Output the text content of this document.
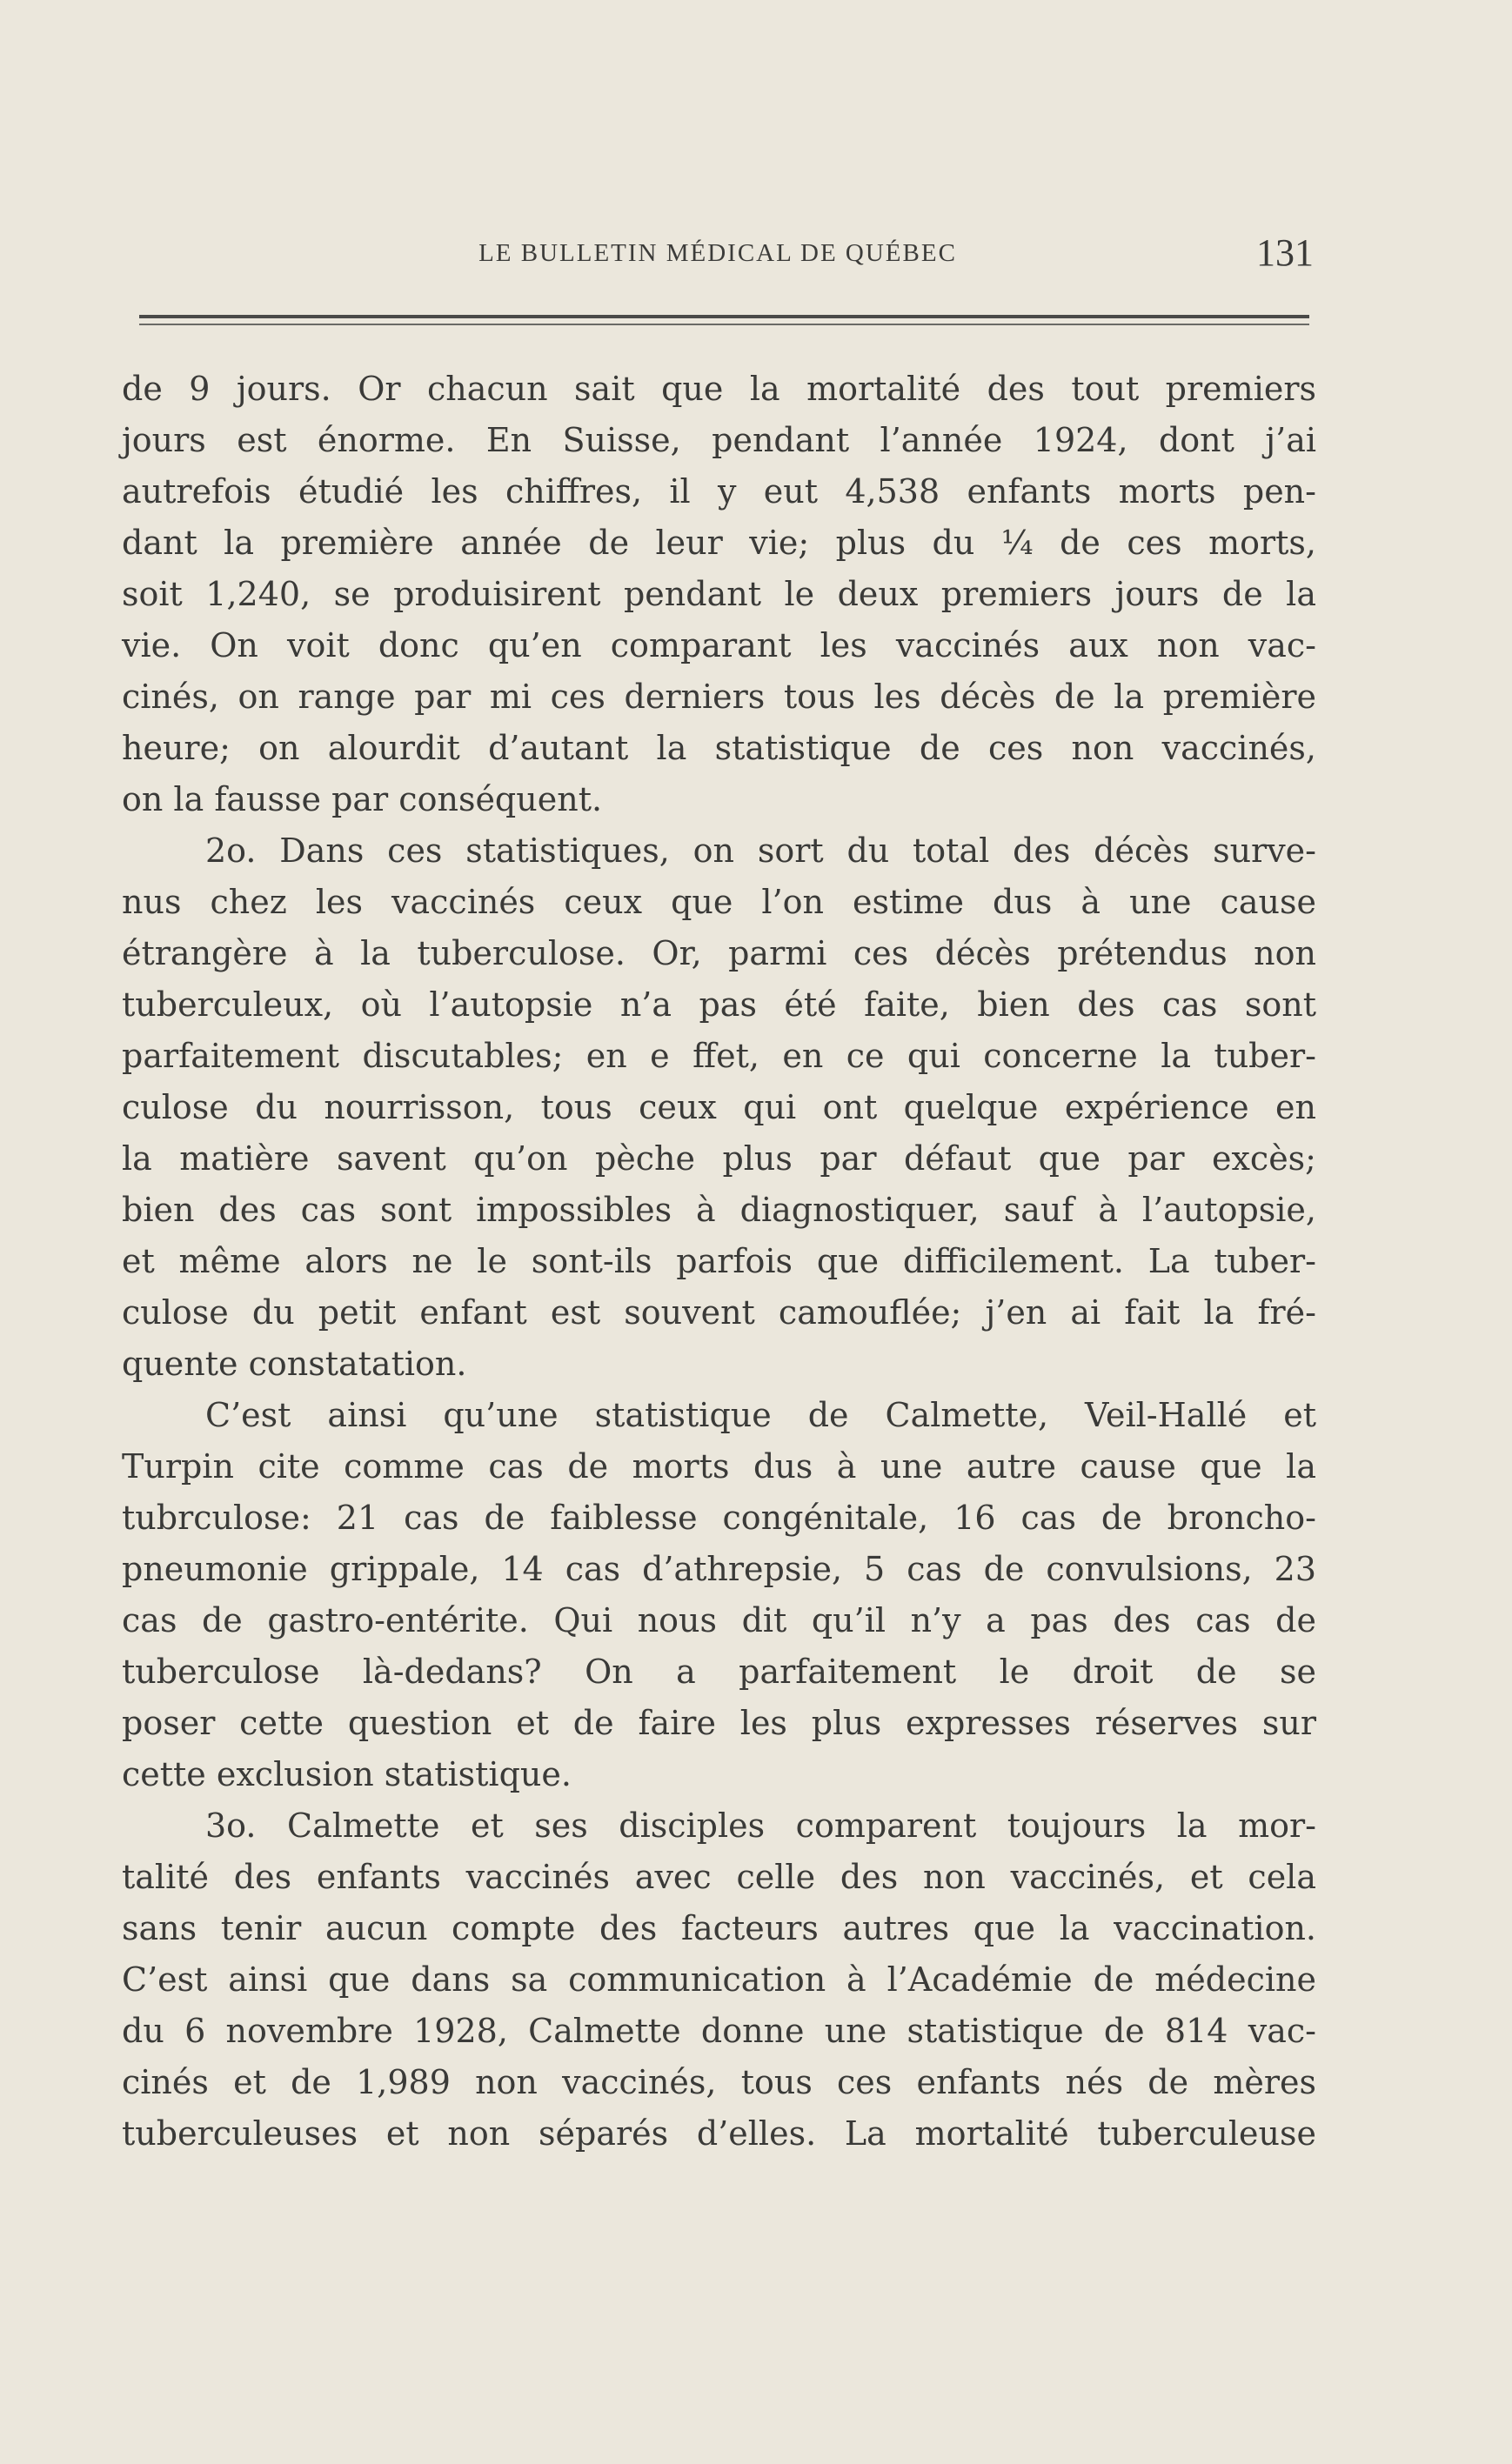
LE BULLETIN MÉDICAL DE QUÉBEC	131
de 9 jours. Or chacun sait que la mortalité des tout premiers
jours est énorme. En Suisse, pendant l’année 1924, dont j’ai
autrefois étudié les chiffres, il y eut 4,538 enfants morts pen-
dant la première année de leur vie; plus du ¼ de ces morts,
soit 1,240, se produisirent pendant le deux premiers jours de la
vie. On voit donc qu’en comparant les vaccinés aux non vac-
cinés, on range par mi ces derniers tous les décès de la première
heure; on alourdit d’autant la statistique de ces non vaccinés,
on la fausse par conséquent.
2o. Dans ces statistiques, on sort du total des décès surve-
nus chez les vaccinés ceux que l’on estime dus à une cause
étrangère à la tuberculose. Or, parmi ces décès prétendus non
tuberculeux, où l’autopsie n’a pas été faite, bien des cas sont
parfaitement discutables; en e ffet, en ce qui concerne la tuber-
culose du nourrisson, tous ceux qui ont quelque expérience en
la matière savent qu’on pèche plus par défaut que par excès;
bien des cas sont impossibles à diagnostiquer, sauf à l’autopsie,
et même alors ne le sont-ils parfois que difficilement. La tuber-
culose du petit enfant est souvent camouflée; j’en ai fait la fré-
quente constatation.
C’est ainsi qu’une statistique de Calmette, Veil-Hallé et
Turpin cite comme cas de morts dus à une autre cause que la
tubrculose: 21 cas de faiblesse congénitale, 16 cas de broncho-
pneumonie grippale, 14 cas d’athrepsie, 5 cas de convulsions, 23
cas de gastro-entérite. Qui nous dit qu’il n’y a pas des cas de
tuberculose là-dedans? On a parfaitement le droit de se
poser cette question et de faire les plus expresses réserves sur
cette exclusion statistique.
3o. Calmette et ses disciples comparent toujours la mor-
talité des enfants vaccinés avec celle des non vaccinés, et cela
sans tenir aucun compte des facteurs autres que la vaccination.
C’est ainsi que dans sa communication à l’Académie de médecine
du 6 novembre 1928, Calmette donne une statistique de 814 vac-
cinés et de 1,989 non vaccinés, tous ces enfants nés de mères
tuberculeuses et non séparés d’elles. La mortalité tuberculeuse
